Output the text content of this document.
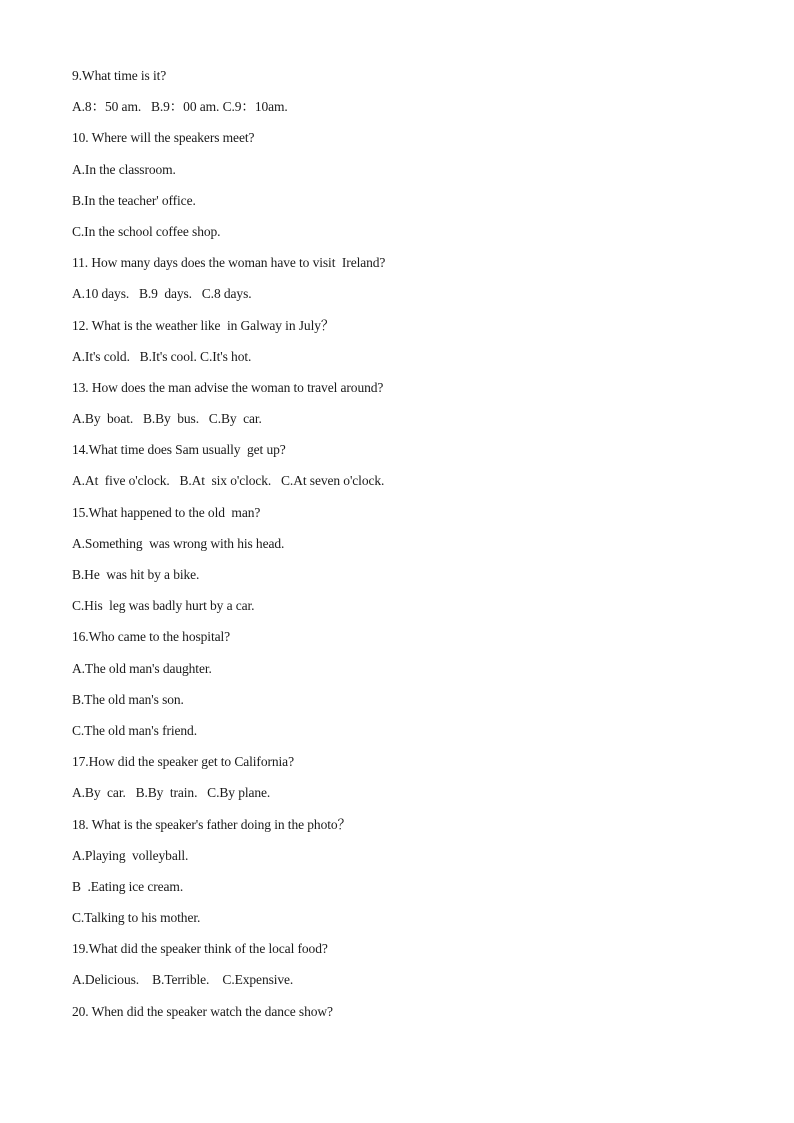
9.What time is it?
A.8：50 am.   B.9：00 am. C.9：10am.
10. Where will the speakers meet?
A.In the classroom.
B.In the teacher' office.
C.In the school coffee shop.
11. How many days does the woman have to visit  Ireland?
A.10 days.   B.9  days.   C.8 days.
12. What is the weather like  in Galway in July？
A.It's cold.   B.It's cool. C.It's hot.
13. How does the man advise the woman to travel around?
A.By  boat.   B.By  bus.   C.By  car.
14.What time does Sam usually  get up?
A.At  five o'clock.   B.At  six o'clock.   C.At seven o'clock.
15.What happened to the old  man?
A.Something  was wrong with his head.
B.He  was hit by a bike.
C.His  leg was badly hurt by a car.
16.Who came to the hospital?
A.The old man's daughter.
B.The old man's son.
C.The old man's friend.
17.How did the speaker get to California?
A.By  car.   B.By  train.   C.By plane.
18. What is the speaker's father doing in the photo？
A.Playing  volleyball.
B  .Eating ice cream.
C.Talking to his mother.
19.What did the speaker think of the local food?
A.Delicious.    B.Terrible.    C.Expensive.
20. When did the speaker watch the dance show?
